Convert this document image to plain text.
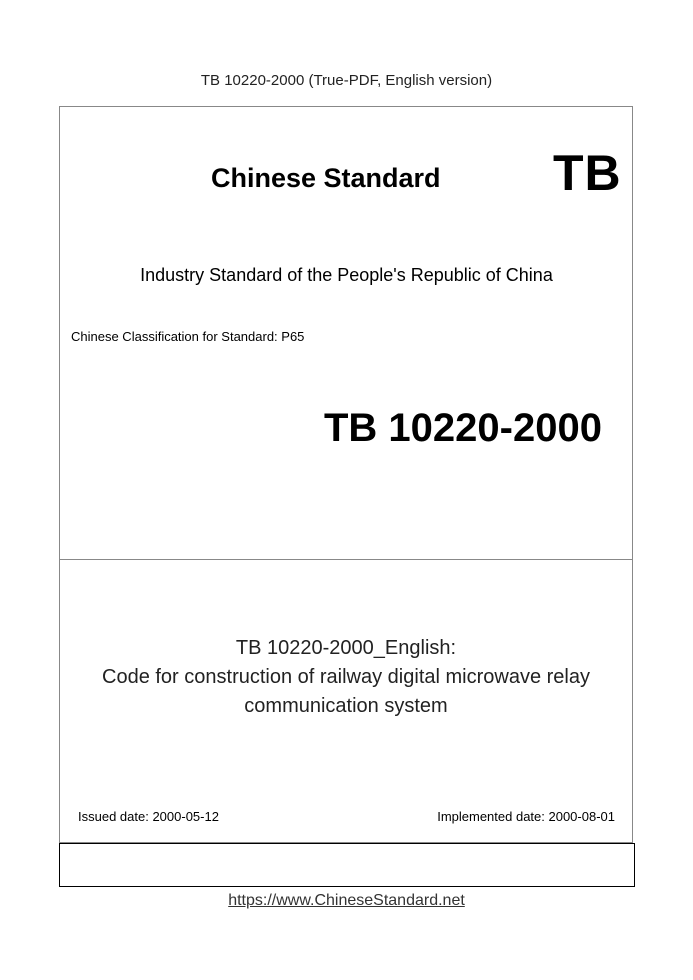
TB 10220-2000 (True-PDF, English version)
Chinese Standard TB
Industry Standard of the People's Republic of China
Chinese Classification for Standard: P65
TB 10220-2000
TB 10220-2000_English:
Code for construction of railway digital microwave relay
communication system
Issued date: 2000-05-12	Implemented date: 2000-08-01
https://www.ChineseStandard.net
